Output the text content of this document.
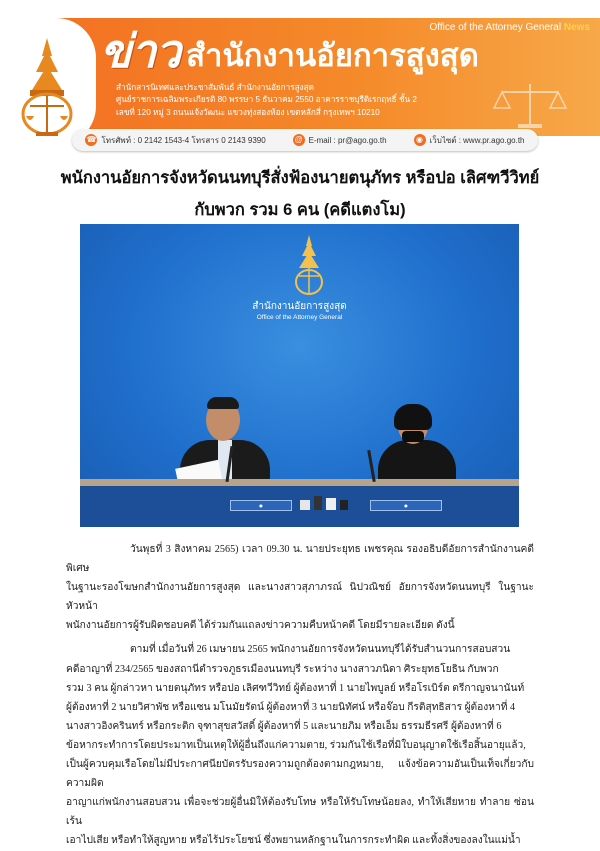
Office of the Attorney General News
ข่าว สำนักงานอัยการสูงสุด
สำนักสารนิเทศและประชาสัมพันธ์ สำนักงานอัยการสูงสุด
ศูนย์ราชการเฉลิมพระเกียรติ 80 พรรษา 5 ธันวาคม 2550 อาคารราชบุรีดิเรกฤทธิ์ ชั้น 2
เลขที่ 120 หมู่ 3 ถนนแจ้งวัฒนะ แขวงทุ่งสองห้อง เขตหลักสี่ กรุงเทพฯ 10210
☎ โทรศัพท์ : 0 2142 1543-4 โทรสาร 0 2143 9390	@ E-mail : pr@ago.go.th	◉ เว็บไซต์ : www.pr.ago.go.th
พนักงานอัยการจังหวัดนนทบุรีสั่งฟ้องนายตนุภัทร หรือปอ เลิศฑวีวิทย์
กับพวก รวม 6 คน (คดีแตงโม)
สำนักงานอัยการสูงสุด
Office of the Attorney General
●	●

วันพุธที่ 3 สิงหาคม 2565) เวลา 09.30 น. นายประยุทธ เพชรคุณ รองอธิบดีอัยการสำนักงานคดีพิเศษ
ในฐานะรองโฆษกสำนักงานอัยการสูงสุด และนางสาวสุภาภรณ์ นิปวณิชย์ อัยการจังหวัดนนทบุรี ในฐานะหัวหน้า
พนักงานอัยการผู้รับผิดชอบคดี ได้ร่วมกันแถลงข่าวความคืบหน้าคดี โดยมีรายละเอียด ดังนี้

ตามที่ เมื่อวันที่ 26 เมษายน 2565 พนักงานอัยการจังหวัดนนทบุรีได้รับสำนวนการสอบสวน
คดีอาญาที่ 234/2565 ของสถานีตำรวจภูธรเมืองนนทบุรี ระหว่าง นางสาวภนิดา ศิระยุทธโยธิน กับพวก
รวม 3 คน ผู้กล่าวหา นายตนุภัทร หรือปอ เลิศฑวีวิทย์ ผู้ต้องหาที่ 1 นายไพบูลย์ หรือโรเบิร์ต ตรีกาญจนานันท์
ผู้ต้องหาที่ 2 นายวิศาพัช หรือแซน มโนมัยรัตน์ ผู้ต้องหาที่ 3 นายนิทัศน์ หรือจ๊อบ กีรติสุทธิสาร ผู้ต้องหาที่ 4
นางสาวอิงครินทร์ หรือกระติก จุฑาสุขสวัสดิ์ ผู้ต้องหาที่ 5 และนายภิม หรือเอ็ม ธรรมธีรศรี ผู้ต้องหาที่ 6
ข้อหากระทำการโดยประมาทเป็นเหตุให้ผู้อื่นถึงแก่ความตาย, ร่วมกันใช้เรือที่มิใบอนุญาตใช้เรือสิ้นอายุแล้ว,
เป็นผู้ควบคุมเรือโดยไม่มีประกาศนียบัตรรับรองความถูกต้องตามกฎหมาย, แจ้งข้อความอันเป็นเท็จเกี่ยวกับความผิด
อาญาแก่พนักงานสอบสวน เพื่อจะช่วยผู้อื่นมิให้ต้องรับโทษ หรือให้รับโทษน้อยลง, ทำให้เสียหาย ทำลาย ซ่อนเร้น
เอาไปเสีย หรือทำให้สูญหาย หรือไร้ประโยชน์ ซึ่งพยานหลักฐานในการกระทำผิด และทิ้งสิ่งของลงในแม่น้ำ
